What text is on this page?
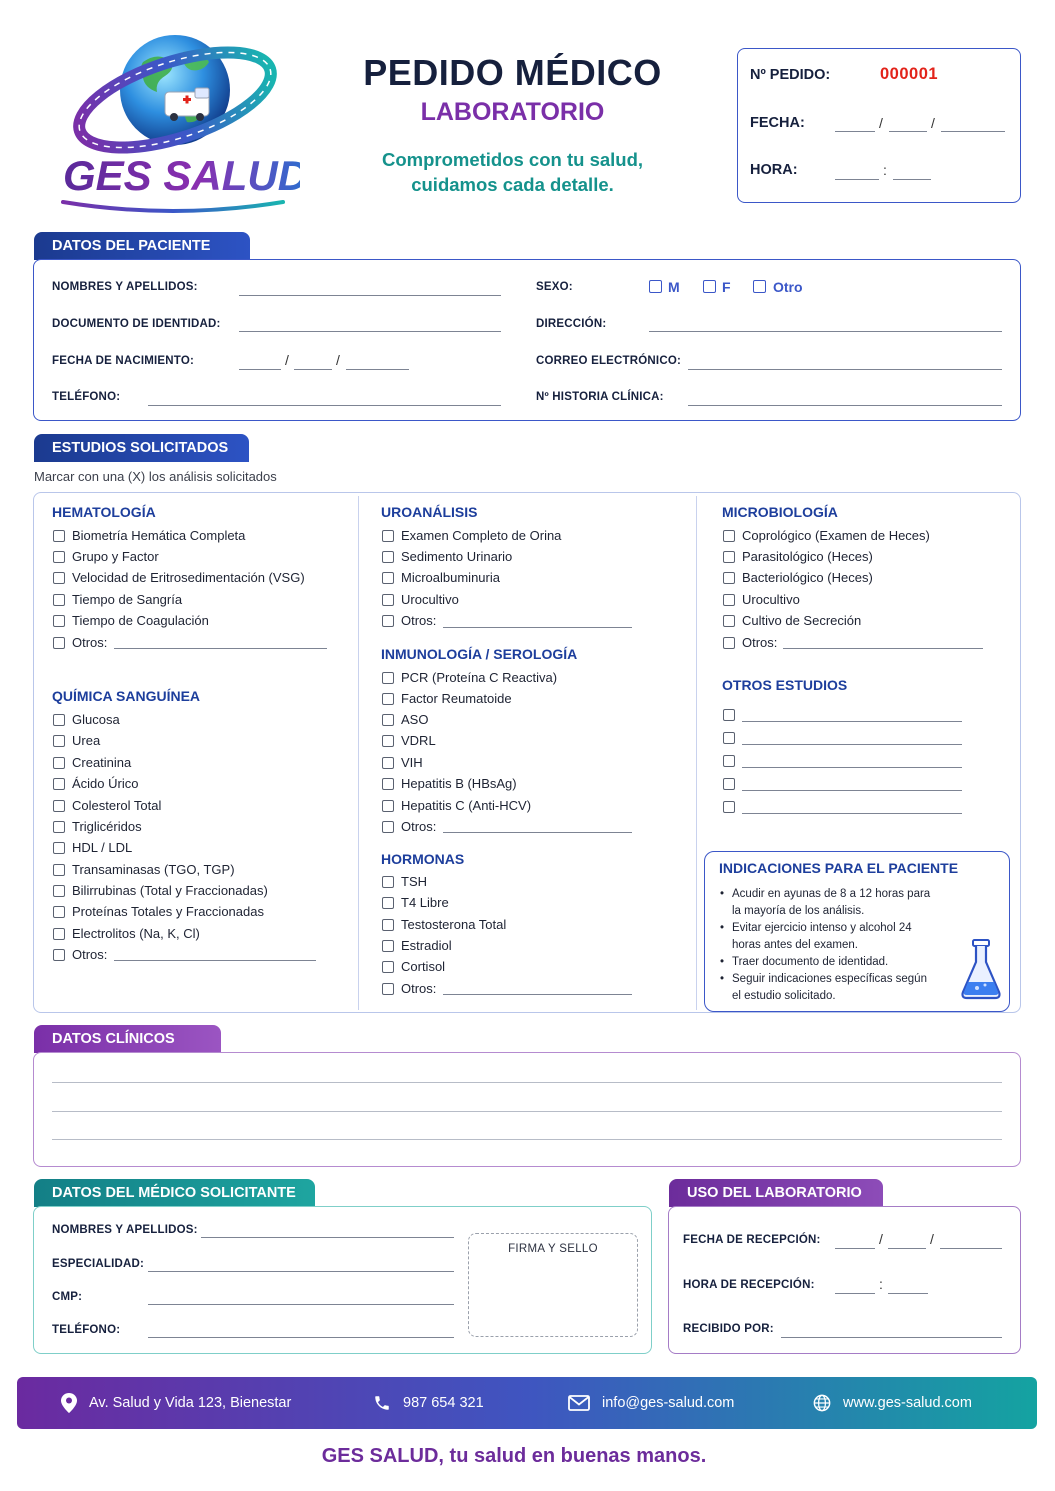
GES SALUD
PEDIDO MÉDICO
LABORATORIO
Comprometidos con tu salud,
cuidamos cada detalle.
Nº PEDIDO:	000001
FECHA:	/	/
HORA:	:
DATOS DEL PACIENTE
NOMBRES Y APELLIDOS:
DOCUMENTO DE IDENTIDAD:
FECHA DE NACIMIENTO:	/	/
TELÉFONO:
SEXO:	M	F	Otro
DIRECCIÓN:
CORREO ELECTRÓNICO:
Nº HISTORIA CLÍNICA:
ESTUDIOS SOLICITADOS
Marcar con una (X) los análisis solicitados
HEMATOLOGÍA
Biometría Hemática Completa
Grupo y Factor
Velocidad de Eritrosedimentación (VSG)
Tiempo de Sangría
Tiempo de Coagulación
Otros:
QUÍMICA SANGUÍNEA
Glucosa
Urea
Creatinina
Ácido Úrico
Colesterol Total
Triglicéridos
HDL / LDL
Transaminasas (TGO, TGP)
Bilirrubinas (Total y Fraccionadas)
Proteínas Totales y Fraccionadas
Electrolitos (Na, K, Cl)
Otros:
UROANÁLISIS
Examen Completo de Orina
Sedimento Urinario
Microalbuminuria
Urocultivo
Otros:
INMUNOLOGÍA / SEROLOGÍA
PCR (Proteína C Reactiva)
Factor Reumatoide
ASO
VDRL
VIH
Hepatitis B (HBsAg)
Hepatitis C (Anti-HCV)
Otros:
HORMONAS
TSH
T4 Libre
Testosterona Total
Estradiol
Cortisol
Otros:
MICROBIOLOGÍA
Coprológico (Examen de Heces)
Parasitológico (Heces)
Bacteriológico (Heces)
Urocultivo
Cultivo de Secreción
Otros:
OTROS ESTUDIOS
INDICACIONES PARA EL PACIENTE
• Acudir en ayunas de 8 a 12 horas para la mayoría de los análisis.
• Evitar ejercicio intenso y alcohol 24 horas antes del examen.
• Traer documento de identidad.
• Seguir indicaciones específicas según el estudio solicitado.
DATOS CLÍNICOS
DATOS DEL MÉDICO SOLICITANTE
NOMBRES Y APELLIDOS:
ESPECIALIDAD:
CMP:
TELÉFONO:
FIRMA Y SELLO
USO DEL LABORATORIO
FECHA DE RECEPCIÓN:	/	/
HORA DE RECEPCIÓN:	:
RECIBIDO POR:
Av. Salud y Vida 123, Bienestar	987 654 321	info@ges-salud.com	www.ges-salud.com
GES SALUD, tu salud en buenas manos.
